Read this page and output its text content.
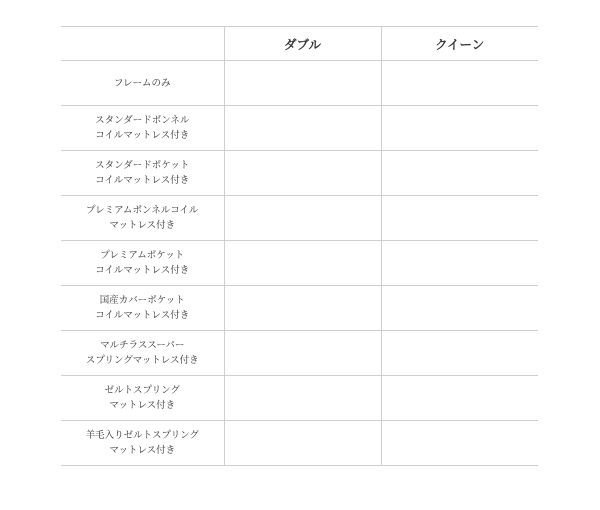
	ダブル	クイーン

フレームのみ		

スタンダードボンネル
コイルマットレス付き		

スタンダードポケット
コイルマットレス付き		

プレミアムボンネルコイル
マットレス付き		

プレミアムポケット
コイルマットレス付き		

国産カバーポケット
コイルマットレス付き		

マルチラススーパー
スプリングマットレス付き		

ゼルトスプリング
マットレス付き		

羊毛入りゼルトスプリング
マットレス付き		
